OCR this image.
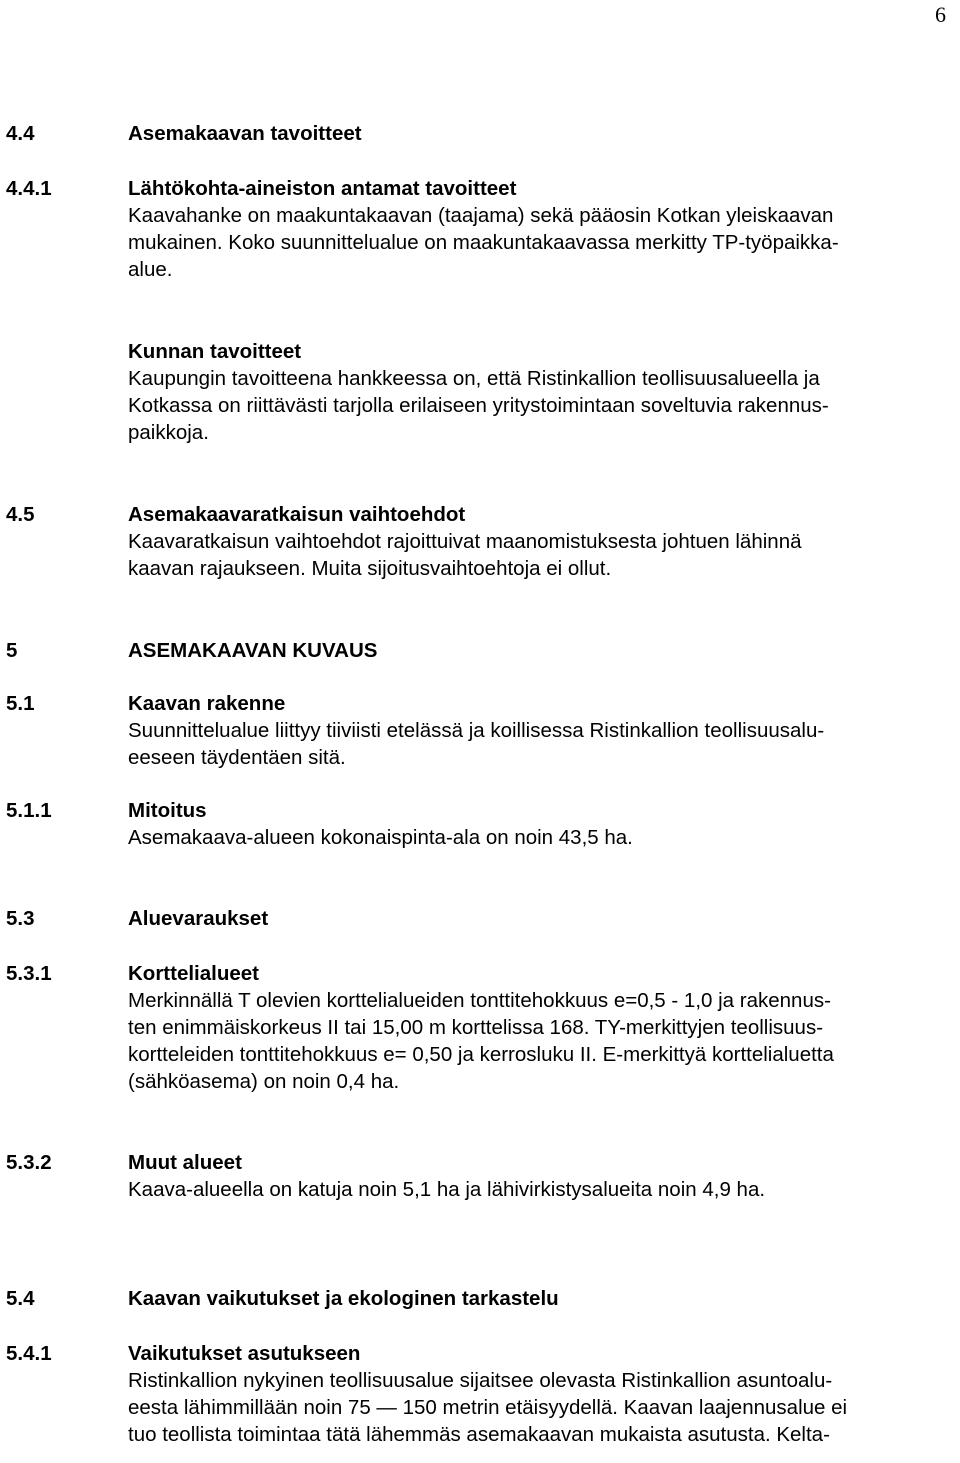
6
4.4	Asemakaavan tavoitteet
4.4.1	Lähtökohta-aineiston antamat tavoitteet
Kaavahanke on maakuntakaavan (taajama) sekä pääosin Kotkan yleiskaavan
mukainen. Koko suunnittelualue on maakuntakaavassa merkitty TP-työpaikka-
alue.
Kunnan tavoitteet
Kaupungin tavoitteena hankkeessa on, että Ristinkallion teollisuusalueella ja
Kotkassa on riittävästi tarjolla erilaiseen yritystoimintaan soveltuvia rakennus-
paikkoja.
4.5	Asemakaavaratkaisun vaihtoehdot
Kaavaratkaisun vaihtoehdot rajoittuivat maanomistuksesta johtuen lähinnä
kaavan rajaukseen. Muita sijoitusvaihtoehtoja ei ollut.
5	ASEMAKAAVAN KUVAUS
5.1	Kaavan rakenne
Suunnittelualue liittyy tiiviisti etelässä ja koillisessa Ristinkallion teollisuusalu-
eeseen täydentäen sitä.
5.1.1	Mitoitus
Asemakaava-alueen kokonaispinta-ala on noin 43,5 ha.
5.3	Aluevaraukset
5.3.1	Korttelialueet
Merkinnällä T olevien korttelialueiden tonttitehokkuus e=0,5 - 1,0 ja rakennus-
ten enimmäiskorkeus II tai 15,00 m korttelissa 168. TY-merkittyjen teollisuus-
kortteleiden tonttitehokkuus e= 0,50 ja kerrosluku II. E-merkittyä korttelialuetta
(sähköasema) on noin 0,4 ha.
5.3.2	Muut alueet
Kaava-alueella on katuja noin 5,1 ha ja lähivirkistysalueita noin 4,9 ha.
5.4	Kaavan vaikutukset ja ekologinen tarkastelu
5.4.1	Vaikutukset asutukseen
Ristinkallion nykyinen teollisuusalue sijaitsee olevasta Ristinkallion asuntoalu-
eesta lähimmillään noin 75 — 150 metrin etäisyydellä. Kaavan laajennusalue ei
tuo teollista toimintaa tätä lähemmäs asemakaavan mukaista asutusta. Kelta-
